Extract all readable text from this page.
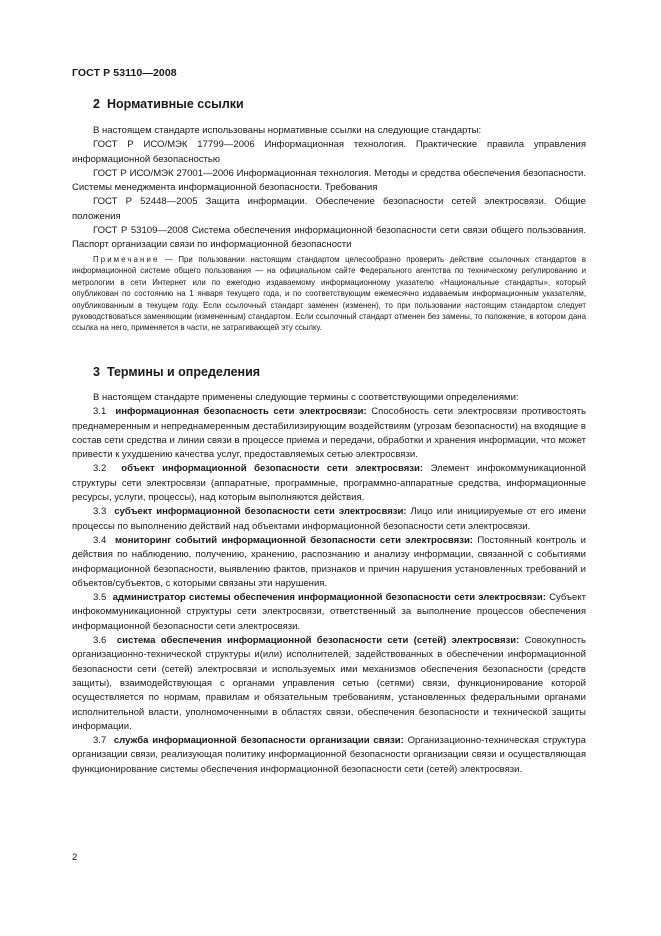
ГОСТ Р 53110—2008
2 Нормативные ссылки

В настоящем стандарте использованы нормативные ссылки на следующие стандарты:

ГОСТ Р ИСО/МЭК 17799—2006 Информационная технология. Практические правила управления информационной безопасностью

ГОСТ Р ИСО/МЭК 27001—2006 Информационная технология. Методы и средства обеспечения безопасности. Системы менеджмента информационной безопасности. Требования

ГОСТ Р 52448—2005 Защита информации. Обеспечение безопасности сетей электросвязи. Общие положения

ГОСТ Р 53109—2008 Система обеспечения информационной безопасности сети связи общего пользования. Паспорт организации связи по информационной безопасности

Примечание — При пользовании настоящим стандартом целесообразно проверить действие ссылочных стандартов в информационной системе общего пользования — на официальном сайте Федерального агентства по техническому регулированию и метрологии в сети Интернет или по ежегодно издаваемому информационному указателю «Национальные стандарты», который опубликован по состоянию на 1 января текущего года, и по соответствующим ежемесячно издаваемым информационным указателям, опубликованным в текущем году. Если ссылочный стандарт заменен (изменен), то при пользовании настоящим стандартом следует руководствоваться заменяющим (измененным) стандартом. Если ссылочный стандарт отменен без замены, то положение, в котором дана ссылка на него, применяется в части, не затрагивающей эту ссылку.

3 Термины и определения

В настоящем стандарте применены следующие термины с соответствующими определениями:

3.1 информационная безопасность сети электросвязи: Способность сети электросвязи противостоять преднамеренным и непреднамеренным дестабилизирующим воздействиям (угрозам безопасности) на входящие в состав сети средства и линии связи в процессе приема и передачи, обработки и хранения информации, что может привести к ухудшению качества услуг, предоставляемых сетью электросвязи.

3.2 объект информационной безопасности сети электросвязи: Элемент инфокоммуникационной структуры сети электросвязи (аппаратные, программные, программно-аппаратные средства, информационные ресурсы, услуги, процессы), над которым выполняются действия.

3.3 субъект информационной безопасности сети электросвязи: Лицо или инициируемые от его имени процессы по выполнению действий над объектами информационной безопасности сети электросвязи.

3.4 мониторинг событий информационной безопасности сети электросвязи: Постоянный контроль и действия по наблюдению, получению, хранению, распознанию и анализу информации, связанной с событиями информационной безопасности, выявлению фактов, признаков и причин нарушения установленных требований и объектов/субъектов, с которыми связаны эти нарушения.

3.5 администратор системы обеспечения информационной безопасности сети электросвязи: Субъект инфокоммуникационной структуры сети электросвязи, ответственный за выполнение процессов обеспечения информационной безопасности сети электросвязи.

3.6 система обеспечения информационной безопасности сети (сетей) электросвязи: Совокупность организационно-технической структуры и(или) исполнителей, задействованных в обеспечении информационной безопасности сети (сетей) электросвязи и используемых ими механизмов обеспечения безопасности (средств защиты), взаимодействующая с органами управления сетью (сетями) связи, функционирование которой осуществляется по нормам, правилам и обязательным требованиям, установленных федеральными органами исполнительной власти, уполномоченными в областях связи, обеспечения безопасности и технической защиты информации.

3.7 служба информационной безопасности организации связи: Организационно-техническая структура организации связи, реализующая политику информационной безопасности организации связи и осуществляющая функционирование системы обеспечения информационной безопасности сети (сетей) электросвязи.

2
